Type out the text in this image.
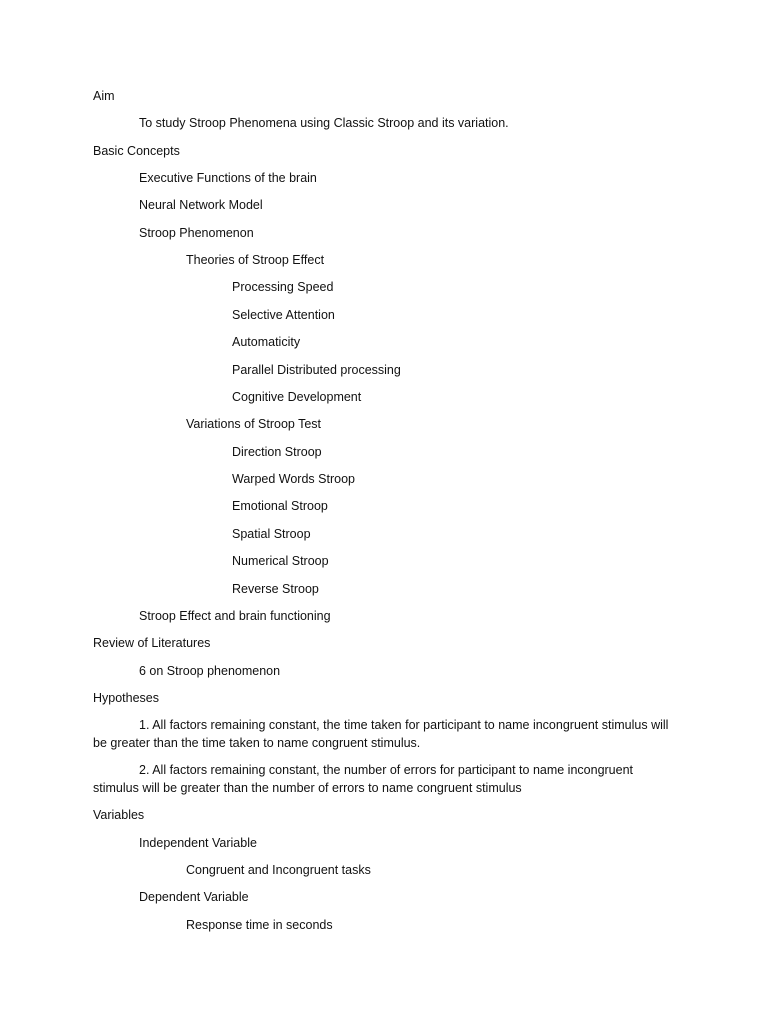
Aim

To study Stroop Phenomena using Classic Stroop and its variation.

Basic Concepts

Executive Functions of the brain

Neural Network Model

Stroop Phenomenon

Theories of Stroop Effect

Processing Speed

Selective Attention

Automaticity

Parallel Distributed processing

Cognitive Development

Variations of Stroop Test

Direction Stroop

Warped Words Stroop

Emotional Stroop

Spatial Stroop

Numerical Stroop

Reverse Stroop

Stroop Effect and brain functioning

Review of Literatures

6 on Stroop phenomenon

Hypotheses

1. All factors remaining constant, the time taken for participant to name incongruent stimulus will be greater than the time taken to name congruent stimulus.

2. All factors remaining constant, the number of errors for participant to name incongruent stimulus will be greater than the number of errors to name congruent stimulus

Variables

Independent Variable

Congruent and Incongruent tasks

Dependent Variable

Response time in seconds
